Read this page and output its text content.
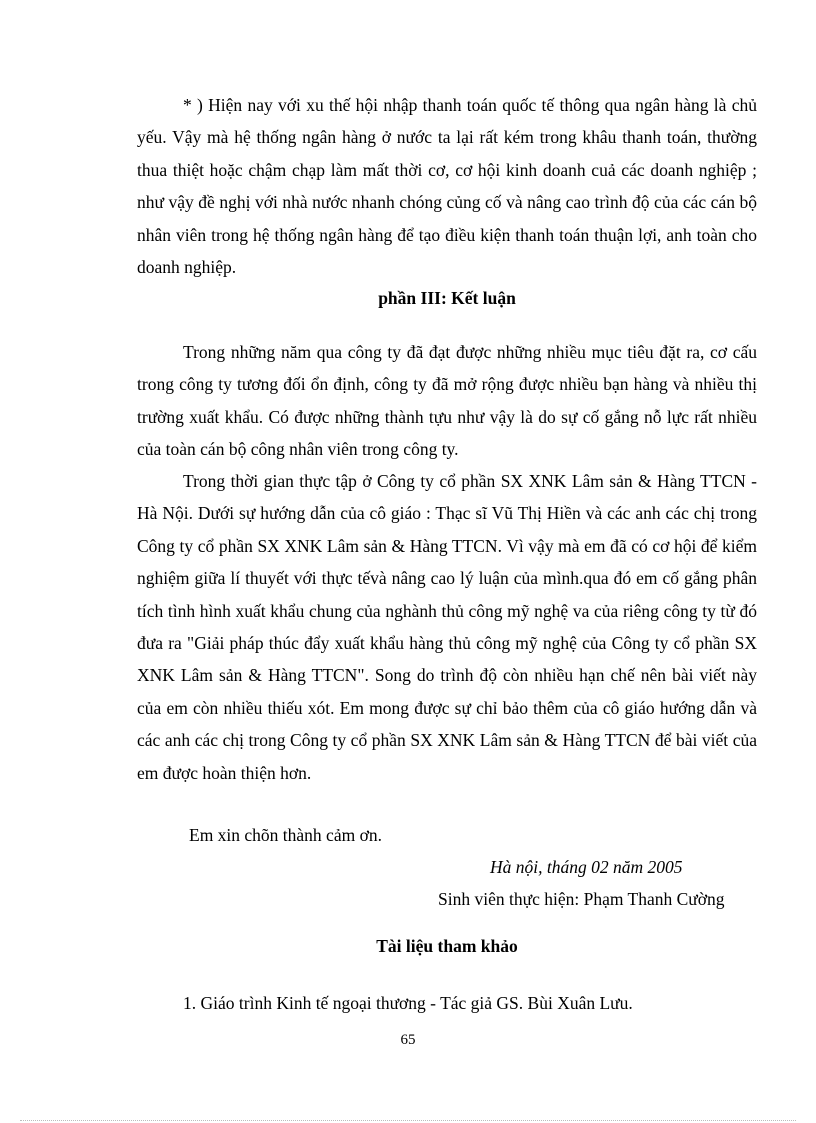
* ) Hiện nay với xu thế hội nhập thanh toán quốc tế thông qua ngân hàng là chủ yếu. Vậy mà hệ thống ngân hàng ở nước ta lại rất kém trong khâu thanh toán, thường thua thiệt hoặc chậm chạp làm mất thời cơ, cơ hội kinh doanh cuả các doanh nghiệp ; như vậy đề nghị với nhà nước nhanh chóng củng cố và nâng cao trình độ của các cán bộ nhân viên trong hệ thống ngân hàng để tạo điều kiện thanh toán thuận lợi, anh toàn cho doanh nghiệp.

phần III: Kết luận

Trong những năm qua công ty đã đạt được những nhiều mục tiêu đặt ra, cơ cấu trong công ty tương đối ổn định, công ty đã mở rộng được nhiều bạn hàng và nhiều thị trường xuất khẩu. Có được những thành tựu như vậy là do sự cố gắng nỗ lực rất nhiều của toàn cán bộ công nhân viên trong công ty.

Trong thời gian thực tập ở Công ty cổ phần SX XNK Lâm sản & Hàng TTCN - Hà Nội. Dưới sự hướng dẫn của cô giáo : Thạc sĩ Vũ Thị Hiền và các anh các chị trong Công ty cổ phần SX XNK Lâm sản & Hàng TTCN. Vì vậy mà em đã có cơ hội để kiểm nghiệm giữa lí thuyết với thực tếvà nâng cao lý luận của mình.qua đó em cố gắng phân tích tình hình xuất khẩu chung của nghành thủ công mỹ nghệ va của riêng công ty từ đó đưa ra "Giải pháp thúc đẩy xuất khẩu hàng thủ công mỹ nghệ của Công ty cổ phần SX XNK Lâm sản & Hàng TTCN". Song do trình độ còn nhiều hạn chế nên bài viết này của em còn nhiều thiếu xót. Em mong được sự chỉ bảo thêm của cô giáo hướng dẫn và các anh các chị trong Công ty cổ phần SX XNK Lâm sản & Hàng TTCN để bài viết của em được hoàn thiện hơn.

Em xin chõn thành cảm ơn.

Hà nội, tháng 02 năm 2005

Sinh viên thực hiện: Phạm Thanh Cường

Tài liệu tham khảo

1. Giáo trình Kinh tế ngoại thương - Tác giả GS. Bùi Xuân Lưu.

65
